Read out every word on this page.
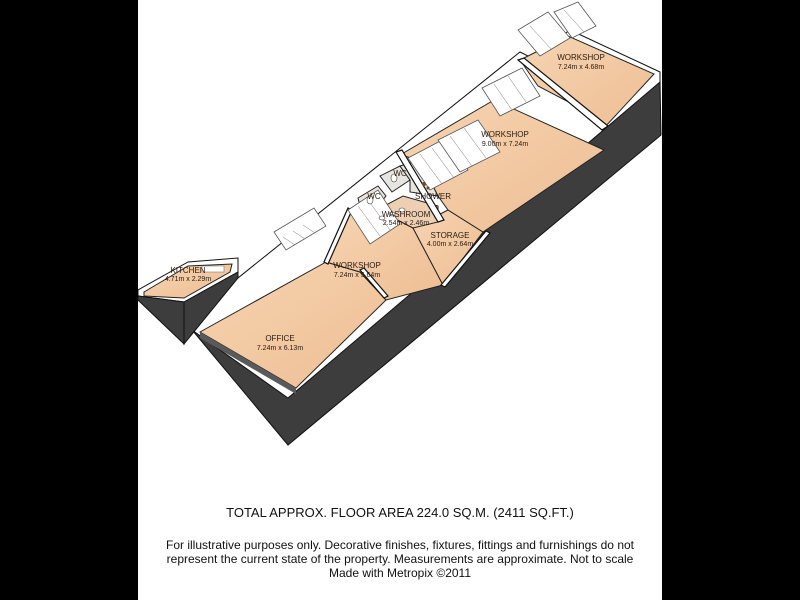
WORKSHOP
7.24m x 4.68m
WORKSHOP
9.00m x 7.24m
WC
SHOWER
WC
WASHROOM
2.54m x 2.46m
STORAGE
4.00m x 2.64m
WORKSHOP
7.24m x 5.64m
KITCHEN
4.71m x 2.29m
OFFICE
7.24m x 6.13m

TOTAL APPROX. FLOOR AREA 224.0 SQ.M. (2411 SQ.FT.)

For illustrative purposes only. Decorative finishes, fixtures, fittings and furnishings do not
represent the current state of the property. Measurements are approximate. Not to scale
Made with Metropix ©2011
